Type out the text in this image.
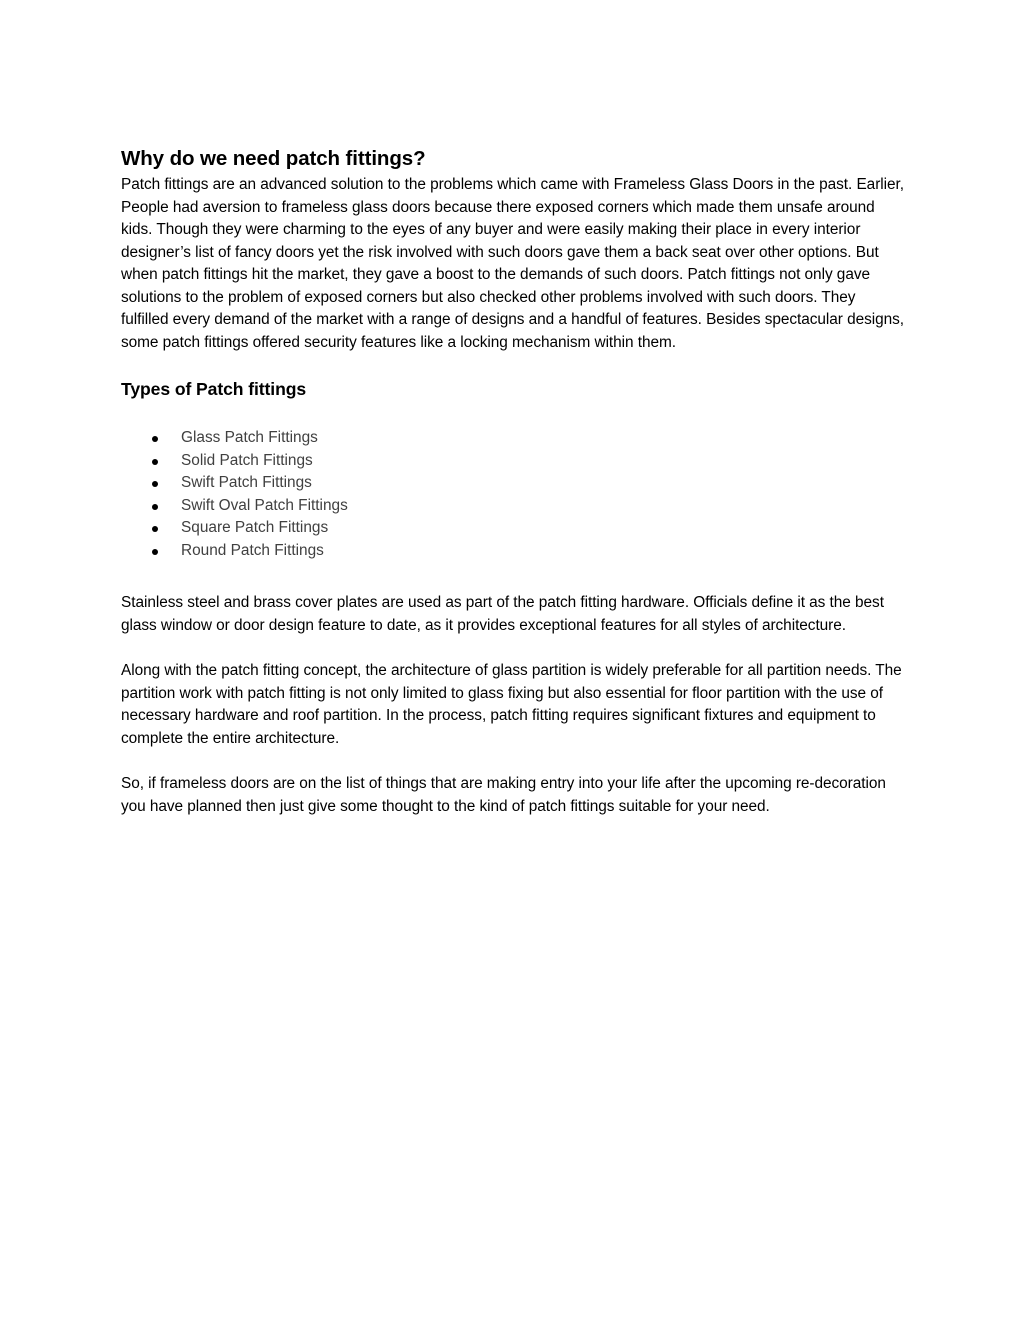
Why do we need patch fittings?

Patch fittings are an advanced solution to the problems which came with Frameless Glass Doors in the past. Earlier, People had aversion to frameless glass doors because there exposed corners which made them unsafe around kids. Though they were charming to the eyes of any buyer and were easily making their place in every interior designer’s list of fancy doors yet the risk involved with such doors gave them a back seat over other options. But when patch fittings hit the market, they gave a boost to the demands of such doors. Patch fittings not only gave solutions to the problem of exposed corners but also checked other problems involved with such doors. They fulfilled every demand of the market with a range of designs and a handful of features. Besides spectacular designs, some patch fittings offered security features like a locking mechanism within them.

Types of Patch fittings
Glass Patch Fittings
Solid Patch Fittings
Swift Patch Fittings
Swift Oval Patch Fittings
Square Patch Fittings
Round Patch Fittings

Stainless steel and brass cover plates are used as part of the patch fitting hardware. Officials define it as the best glass window or door design feature to date, as it provides exceptional features for all styles of architecture.

Along with the patch fitting concept, the architecture of glass partition is widely preferable for all partition needs. The partition work with patch fitting is not only limited to glass fixing but also essential for floor partition with the use of necessary hardware and roof partition. In the process, patch fitting requires significant fixtures and equipment to complete the entire architecture.

So, if frameless doors are on the list of things that are making entry into your life after the upcoming re-decoration you have planned then just give some thought to the kind of patch fittings suitable for your need.
